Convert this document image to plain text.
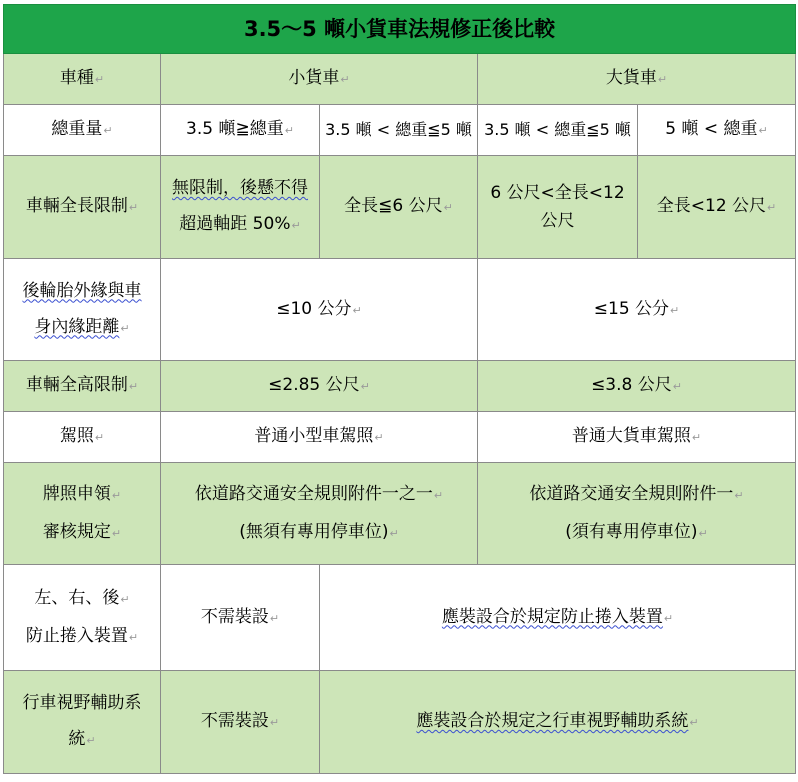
3.5～5 噸小貨車法規修正後比較				
車種↵	小貨車↵		大貨車↵	
總重量↵	3.5 噸≧總重↵	3.5 噸 < 總重≦5 噸	3.5 噸 < 總重≦5 噸	5 噸 < 總重↵
車輛全長限制↵	無限制，後懸不得
超過軸距 50%↵	全長≦6 公尺↵	6 公尺<全長<12 公尺	全長<12 公尺↵

後輪胎外緣與車
身內緣距離↵	≤10 公分↵		≤15 公分↵	
車輛全高限制↵	≤2.85 公尺↵		≤3.8 公尺↵	
駕照↵	普通小型車駕照↵		普通大貨車駕照↵	

牌照申領↵
審核規定↵	依道路交通安全規則附件一之一↵
(無須有專用停車位)↵		依道路交通安全規則附件一↵
(須有專用停車位)↵	

左、右、後↵
防止捲入裝置↵	不需裝設↵	應裝設合於規定防止捲入裝置↵		

行車視野輔助系
統↵	不需裝設↵	應裝設合於規定之行車視野輔助系統↵		
